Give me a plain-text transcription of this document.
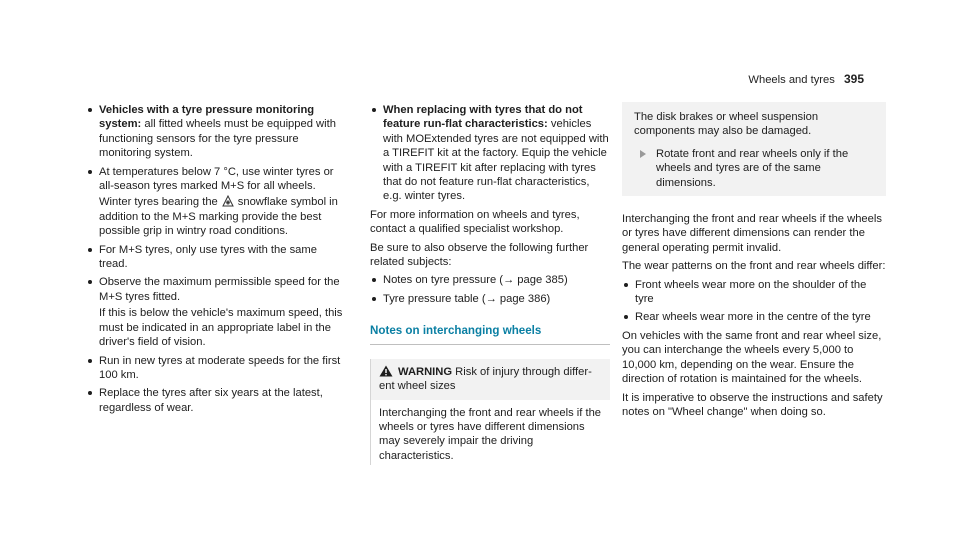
Wheels and tyres 395
Vehicles with a tyre pressure monitoring system: all fitted wheels must be equipped with functioning sensors for the tyre pressure monitoring system.
At temperatures below 7 °C, use winter tyres or all-season tyres marked M+S for all wheels.
Winter tyres bearing the snowflake symbol in addition to the M+S marking provide the best possible grip in wintry road conditions.
For M+S tyres, only use tyres with the same tread.
Observe the maximum permissible speed for the M+S tyres fitted.
If this is below the vehicle's maximum speed, this must be indicated in an appropriate label in the driver's field of vision.
Run in new tyres at moderate speeds for the first 100 km.
Replace the tyres after six years at the latest, regardless of wear.
When replacing with tyres that do not feature run-flat characteristics: vehicles with MOExtended tyres are not equipped with a TIREFIT kit at the factory. Equip the vehicle with a TIREFIT kit after replacing with tyres that do not feature run-flat characteristics, e.g. winter tyres.

For more information on wheels and tyres, contact a qualified specialist workshop.

Be sure to also observe the following further related subjects:

Notes on tyre pressure (→ page 385)
Tyre pressure table (→ page 386)
Notes on interchanging wheels
WARNING Risk of injury through different wheel sizes
Interchanging the front and rear wheels if the wheels or tyres have different dimensions may severely impair the driving characteristics.
The disk brakes or wheel suspension components may also be damaged.
Rotate front and rear wheels only if the wheels and tyres are of the same dimensions.

Interchanging the front and rear wheels if the wheels or tyres have different dimensions can render the general operating permit invalid.

The wear patterns on the front and rear wheels differ:

Front wheels wear more on the shoulder of the tyre
Rear wheels wear more in the centre of the tyre

On vehicles with the same front and rear wheel size, you can interchange the wheels every 5,000 to 10,000 km, depending on the wear. Ensure the direction of rotation is maintained for the wheels.

It is imperative to observe the instructions and safety notes on "Wheel change" when doing so.
